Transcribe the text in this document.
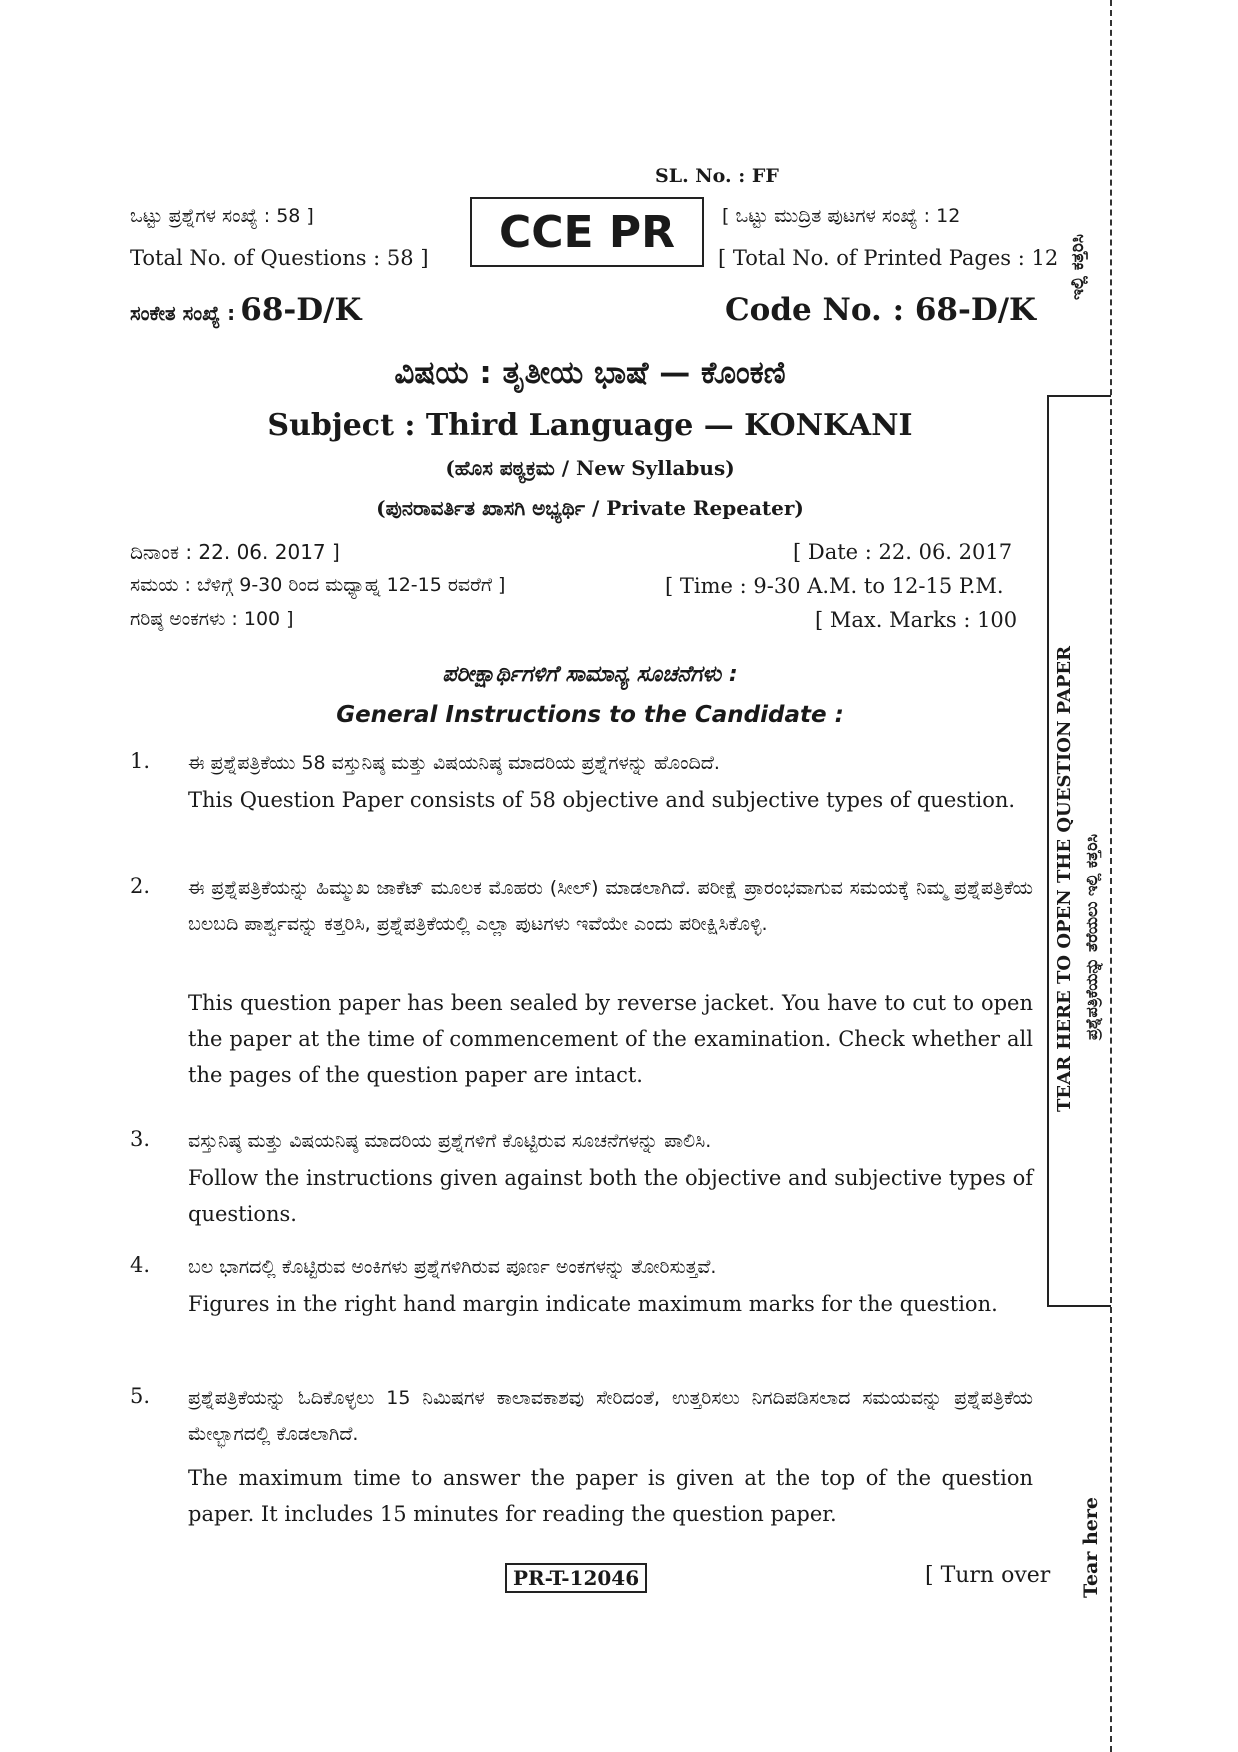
SL. No. : FF
ಒಟ್ಟು ಪ್ರಶ್ನೆಗಳ ಸಂಖ್ಯೆ : 58 ]
Total No. of Questions : 58 ]
CCE PR [ ಒಟ್ಟು ಮುದ್ರಿತ ಪುಟಗಳ ಸಂಖ್ಯೆ : 12
[ Total No. of Printed Pages : 12
ಸಂಕೇತ ಸಂಖ್ಯೆ : 68-D/K	Code No. : 68-D/K
ವಿಷಯ : ತೃತೀಯ ಭಾಷೆ — ಕೊಂಕಣಿ
Subject : Third Language — KONKANI
(ಹೊಸ ಪಠ್ಯಕ್ರಮ / New Syllabus)
(ಪುನರಾವರ್ತಿತ ಖಾಸಗಿ ಅಭ್ಯರ್ಥಿ / Private Repeater)
ದಿನಾಂಕ : 22. 06. 2017 ]	[ Date : 22. 06. 2017
ಸಮಯ : ಬೆಳಿಗ್ಗೆ 9-30 ರಿಂದ ಮಧ್ಯಾಹ್ನ 12-15 ರವರೆಗೆ ]	[ Time : 9-30 A.M. to 12-15 P.M.
ಗರಿಷ್ಠ ಅಂಕಗಳು : 100 ]	[ Max. Marks : 100
ಪರೀಕ್ಷಾರ್ಥಿಗಳಿಗೆ ಸಾಮಾನ್ಯ ಸೂಚನೆಗಳು :
General Instructions to the Candidate :
1. ಈ ಪ್ರಶ್ನೆಪತ್ರಿಕೆಯು 58 ವಸ್ತುನಿಷ್ಠ ಮತ್ತು ವಿಷಯನಿಷ್ಠ ಮಾದರಿಯ ಪ್ರಶ್ನೆಗಳನ್ನು ಹೊಂದಿದೆ.
This Question Paper consists of 58 objective and subjective types of question.
2. ಈ ಪ್ರಶ್ನೆಪತ್ರಿಕೆಯನ್ನು ಹಿಮ್ಮುಖ ಜಾಕೆಟ್ ಮೂಲಕ ಮೊಹರು (ಸೀಲ್) ಮಾಡಲಾಗಿದೆ. ಪರೀಕ್ಷೆ ಪ್ರಾರಂಭವಾಗುವ ಸಮಯಕ್ಕೆ ನಿಮ್ಮ ಪ್ರಶ್ನೆಪತ್ರಿಕೆಯ ಬಲಬದಿ ಪಾರ್ಶ್ವವನ್ನು ಕತ್ತರಿಸಿ, ಪ್ರಶ್ನೆಪತ್ರಿಕೆಯಲ್ಲಿ ಎಲ್ಲಾ ಪುಟಗಳು ಇವೆಯೇ ಎಂದು ಪರೀಕ್ಷಿಸಿಕೊಳ್ಳಿ.
This question paper has been sealed by reverse jacket. You have to cut to open the paper at the time of commencement of the examination. Check whether all the pages of the question paper are intact.
3. ವಸ್ತುನಿಷ್ಠ ಮತ್ತು ವಿಷಯನಿಷ್ಠ ಮಾದರಿಯ ಪ್ರಶ್ನೆಗಳಿಗೆ ಕೊಟ್ಟಿರುವ ಸೂಚನೆಗಳನ್ನು ಪಾಲಿಸಿ.
Follow the instructions given against both the objective and subjective types of questions.
4. ಬಲ ಭಾಗದಲ್ಲಿ ಕೊಟ್ಟಿರುವ ಅಂಕಿಗಳು ಪ್ರಶ್ನೆಗಳಿಗಿರುವ ಪೂರ್ಣ ಅಂಕಗಳನ್ನು ತೋರಿಸುತ್ತವೆ.
Figures in the right hand margin indicate maximum marks for the question.
5. ಪ್ರಶ್ನೆಪತ್ರಿಕೆಯನ್ನು ಓದಿಕೊಳ್ಳಲು 15 ನಿಮಿಷಗಳ ಕಾಲಾವಕಾಶವು ಸೇರಿದಂತೆ, ಉತ್ತರಿಸಲು ನಿಗದಿಪಡಿಸಲಾದ ಸಮಯವನ್ನು ಪ್ರಶ್ನೆಪತ್ರಿಕೆಯ ಮೇಲ್ಭಾಗದಲ್ಲಿ ಕೊಡಲಾಗಿದೆ.
The maximum time to answer the paper is given at the top of the question paper. It includes 15 minutes for reading the question paper.
PR-T-12046	[ Turn over
ಇಲ್ಲಿ ಕತ್ತರಿಸಿ
TEAR HERE TO OPEN THE QUESTION PAPER ಪ್ರಶ್ನೆಪತ್ರಿಕೆಯನ್ನು ತೆರೆಯಲು ಇಲ್ಲಿ ಕತ್ತರಿಸಿ
Tear here
